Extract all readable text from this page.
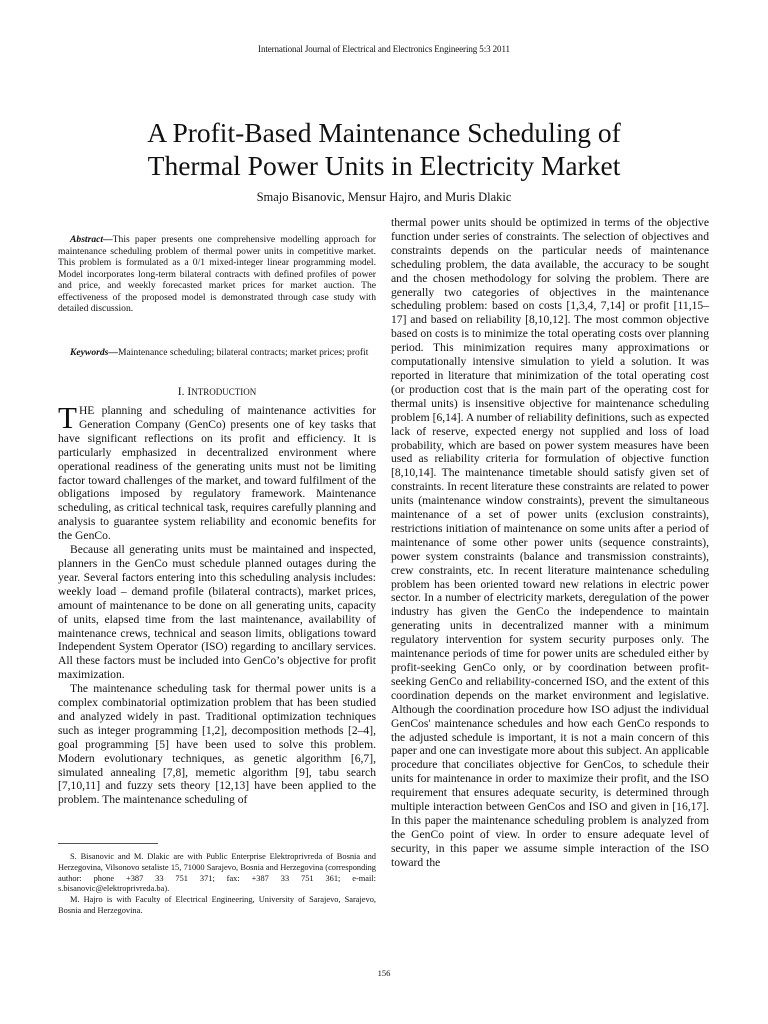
International Journal of Electrical and Electronics Engineering 5:3 2011
A Profit-Based Maintenance Scheduling of
Thermal Power Units in Electricity Market
Smajo Bisanovic, Mensur Hajro, and Muris Dlakic
Abstract—This paper presents one comprehensive modelling approach for maintenance scheduling problem of thermal power units in competitive market. This problem is formulated as a 0/1 mixed-integer linear programming model. Model incorporates long-term bilateral contracts with defined profiles of power and price, and weekly forecasted market prices for market auction. The effectiveness of the proposed model is demonstrated through case study with detailed discussion.
Keywords—Maintenance scheduling; bilateral contracts; market prices; profit
I. INTRODUCTION

THE planning and scheduling of maintenance activities for Generation Company (GenCo) presents one of key tasks that have significant reflections on its profit and efficiency. It is particularly emphasized in decentralized environment where operational readiness of the generating units must not be limiting factor toward challenges of the market, and toward fulfilment of the obligations imposed by regulatory framework. Maintenance scheduling, as critical technical task, requires carefully planning and analysis to guarantee system reliability and economic benefits for the GenCo.

Because all generating units must be maintained and inspected, planners in the GenCo must schedule planned outages during the year. Several factors entering into this scheduling analysis includes: weekly load – demand profile (bilateral contracts), market prices, amount of maintenance to be done on all generating units, capacity of units, elapsed time from the last maintenance, availability of maintenance crews, technical and season limits, obligations toward Independent System Operator (ISO) regarding to ancillary services. All these factors must be included into GenCo’s objective for profit maximization.

The maintenance scheduling task for thermal power units is a complex combinatorial optimization problem that has been studied and analyzed widely in past. Traditional optimization techniques such as integer programming [1,2], decomposition methods [2–4], goal programming [5] have been used to solve this problem. Modern evolutionary techniques, as genetic algorithm [6,7], simulated annealing [7,8], memetic algorithm [9], tabu search [7,10,11] and fuzzy sets theory [12,13] have been applied to the problem. The maintenance scheduling of

S. Bisanovic and M. Dlakic are with Public Enterprise Elektroprivreda of Bosnia and Herzegovina, Vilsonovo setaliste 15, 71000 Sarajevo, Bosnia and Herzegovina (corresponding author: phone +387 33 751 371; fax: +387 33 751 361; e-mail: s.bisanovic@elektroprivreda.ba).

M. Hajro is with Faculty of Electrical Engineering, University of Sarajevo, Sarajevo, Bosnia and Herzegovina.

thermal power units should be optimized in terms of the objective function under series of constraints. The selection of objectives and constraints depends on the particular needs of maintenance scheduling problem, the data available, the accuracy to be sought and the chosen methodology for solving the problem. There are generally two categories of objectives in the maintenance scheduling problem: based on costs [1,3,4, 7,14] or profit [11,15–17] and based on reliability [8,10,12]. The most common objective based on costs is to minimize the total operating costs over planning period. This minimization requires many approximations or computationally intensive simulation to yield a solution. It was reported in literature that minimization of the total operating cost (or production cost that is the main part of the operating cost for thermal units) is insensitive objective for maintenance scheduling problem [6,14]. A number of reliability definitions, such as expected lack of reserve, expected energy not supplied and loss of load probability, which are based on power system measures have been used as reliability criteria for formulation of objective function [8,10,14]. The maintenance timetable should satisfy given set of constraints. In recent literature these constraints are related to power units (maintenance window constraints), prevent the simultaneous maintenance of a set of power units (exclusion constraints), restrictions initiation of maintenance on some units after a period of maintenance of some other power units (sequence constraints), power system constraints (balance and transmission constraints), crew constraints, etc. In recent literature maintenance scheduling problem has been oriented toward new relations in electric power sector. In a number of electricity markets, deregulation of the power industry has given the GenCo the independence to maintain generating units in decentralized manner with a minimum regulatory intervention for system security purposes only. The maintenance periods of time for power units are scheduled either by profit-seeking GenCo only, or by coordination between profit-seeking GenCo and reliability-concerned ISO, and the extent of this coordination depends on the market environment and legislative. Although the coordination procedure how ISO adjust the individual GenCos' maintenance schedules and how each GenCo responds to the adjusted schedule is important, it is not a main concern of this paper and one can investigate more about this subject. An applicable procedure that conciliates objective for GenCos, to schedule their units for maintenance in order to maximize their profit, and the ISO requirement that ensures adequate security, is determined through multiple interaction between GenCos and ISO and given in [16,17]. In this paper the maintenance scheduling problem is analyzed from the GenCo point of view. In order to ensure adequate level of security, in this paper we assume simple interaction of the ISO toward the

156
